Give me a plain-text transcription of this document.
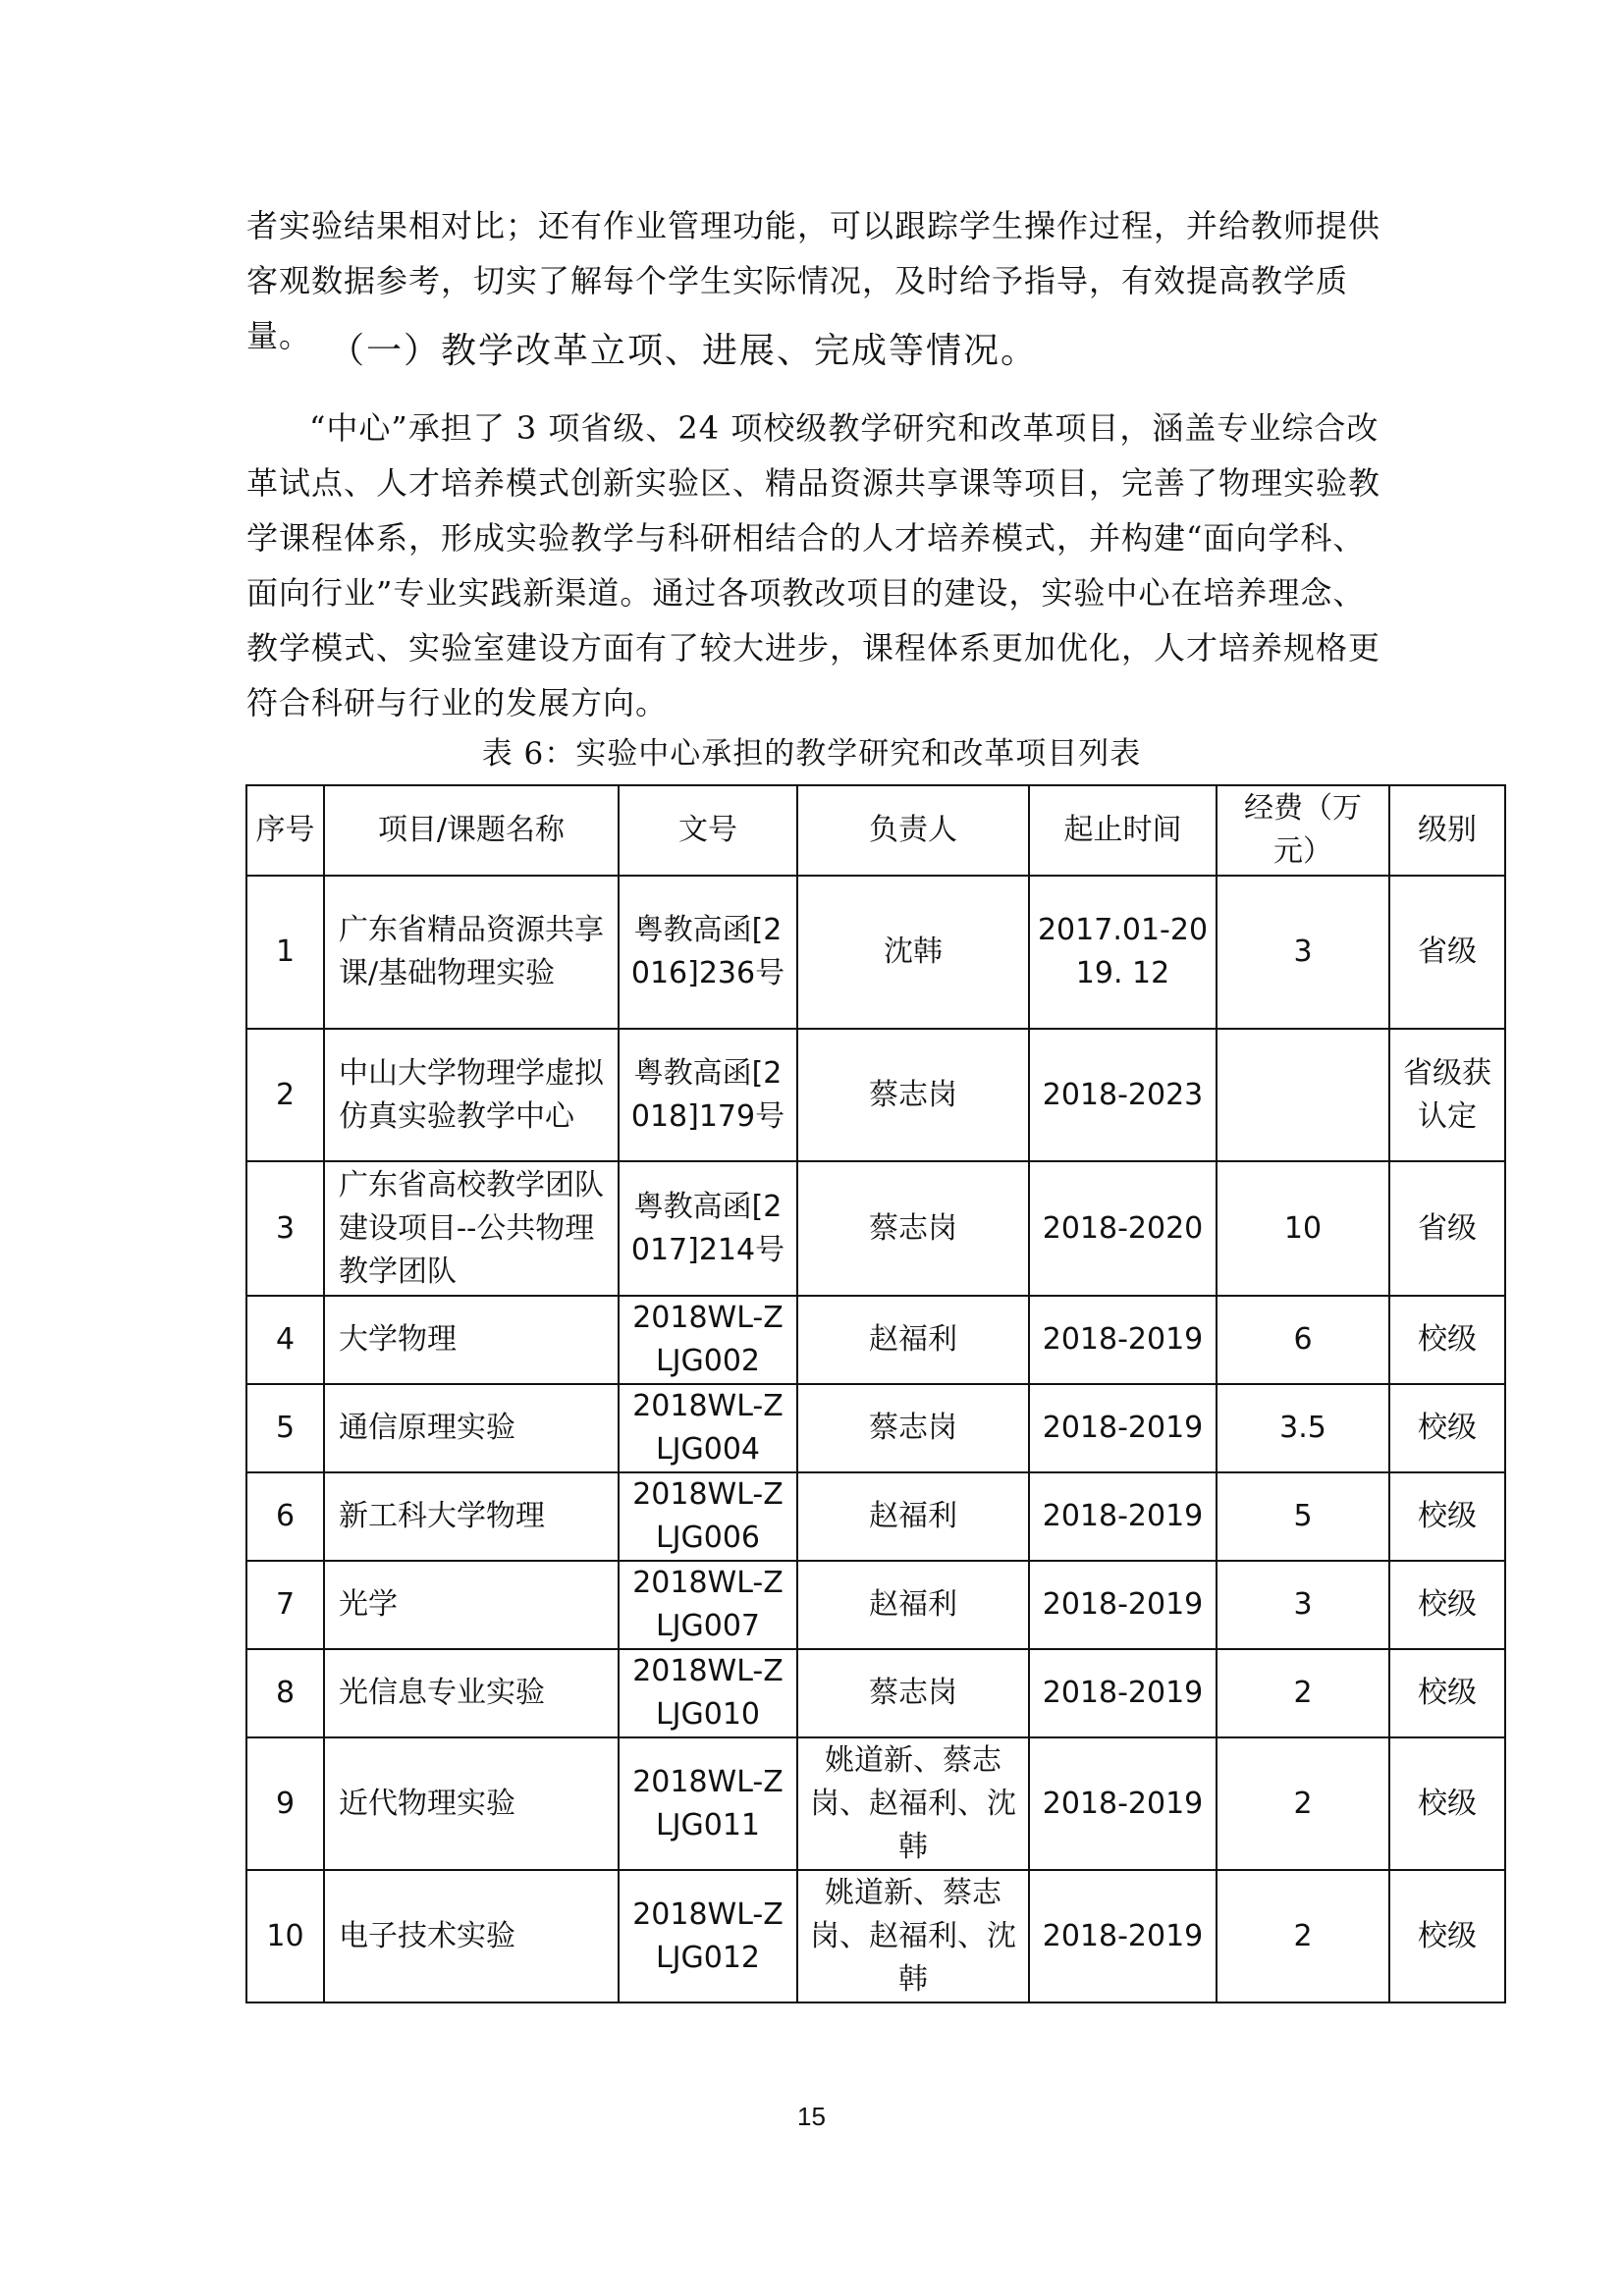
者实验结果相对比；还有作业管理功能，可以跟踪学生操作过程，并给教师提供客观数据参考，切实了解每个学生实际情况，及时给予指导，有效提高教学质量。 （一）教学改革立项、进展、完成等情况。

“中心”承担了 3 项省级、24 项校级教学研究和改革项目，涵盖专业综合改革试点、人才培养模式创新实验区、精品资源共享课等项目，完善了物理实验教学课程体系，形成实验教学与科研相结合的人才培养模式，并构建“面向学科、面向行业”专业实践新渠道。通过各项教改项目的建设，实验中心在培养理念、教学模式、实验室建设方面有了较大进步，课程体系更加优化，人才培养规格更符合科研与行业的发展方向。

表 6：实验中心承担的教学研究和改革项目列表
序号	项目/课题名称	文号	负责人	起止时间	经费（万元）	级别
1	广东省精品资源共享课/基础物理实验	粤教高函[2016]236号	沈韩	2017.01-2019. 12	3	省级
2	中山大学物理学虚拟仿真实验教学中心	粤教高函[2018]179号	蔡志岗	2018-2023		省级获认定
3	广东省高校教学团队建设项目--公共物理教学团队	粤教高函[2017]214号	蔡志岗	2018-2020	10	省级
4	大学物理	2018WL-ZLJG002	赵福利	2018-2019	6	校级
5	通信原理实验	2018WL-ZLJG004	蔡志岗	2018-2019	3.5	校级
6	新工科大学物理	2018WL-ZLJG006	赵福利	2018-2019	5	校级
7	光学	2018WL-ZLJG007	赵福利	2018-2019	3	校级
8	光信息专业实验	2018WL-ZLJG010	蔡志岗	2018-2019	2	校级
9	近代物理实验	2018WL-ZLJG011	姚道新、蔡志岗、赵福利、沈韩	2018-2019	2	校级
10	电子技术实验	2018WL-ZLJG012	姚道新、蔡志岗、赵福利、沈韩	2018-2019	2	校级
15
